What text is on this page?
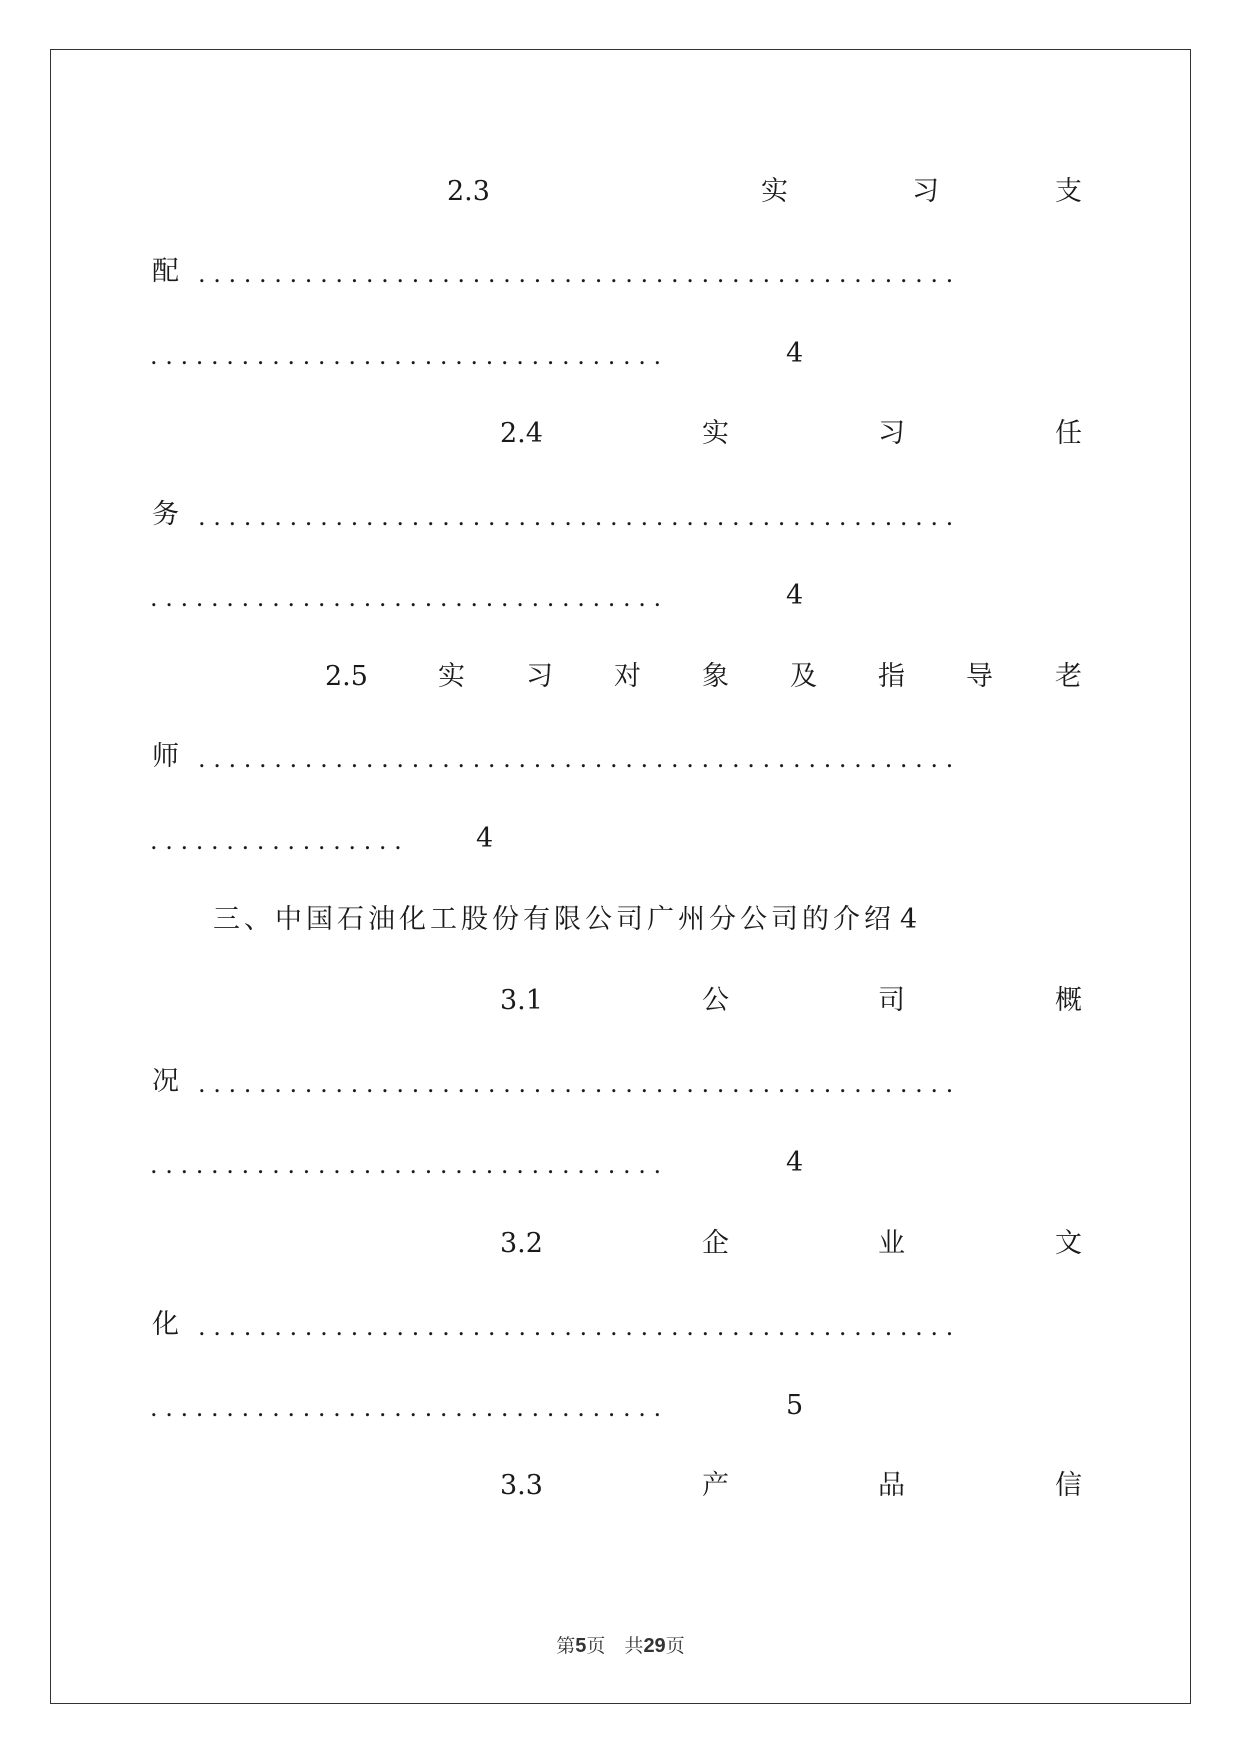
2.3	实	习	支
配 . . . . . . . . . . . . . . . . . . . . . . . . . . . . . . . . . . . . . . . . . . . . . . . . . .
. . . . . . . . . . . . . . . . . . . . . . . . . . . . . . . . . .	4
2.4	实	习	任
务 . . . . . . . . . . . . . . . . . . . . . . . . . . . . . . . . . . . . . . . . . . . . . . . . . .
. . . . . . . . . . . . . . . . . . . . . . . . . . . . . . . . . .	4
2.5	实 习 对 象 及 指 导 老
师 . . . . . . . . . . . . . . . . . . . . . . . . . . . . . . . . . . . . . . . . . . . . . . . . . .
. . . . . . . . . . . . . . . . .	4
三、中国石油化工股份有限公司广州分公司的介绍 4
3.1	公	司	概
况 . . . . . . . . . . . . . . . . . . . . . . . . . . . . . . . . . . . . . . . . . . . . . . . . . .
. . . . . . . . . . . . . . . . . . . . . . . . . . . . . . . . . .	4
3.2	企	业	文
化 . . . . . . . . . . . . . . . . . . . . . . . . . . . . . . . . . . . . . . . . . . . . . . . . . .
. . . . . . . . . . . . . . . . . . . . . . . . . . . . . . . . . .	5
3.3	产	品	信
第5页　共29页
